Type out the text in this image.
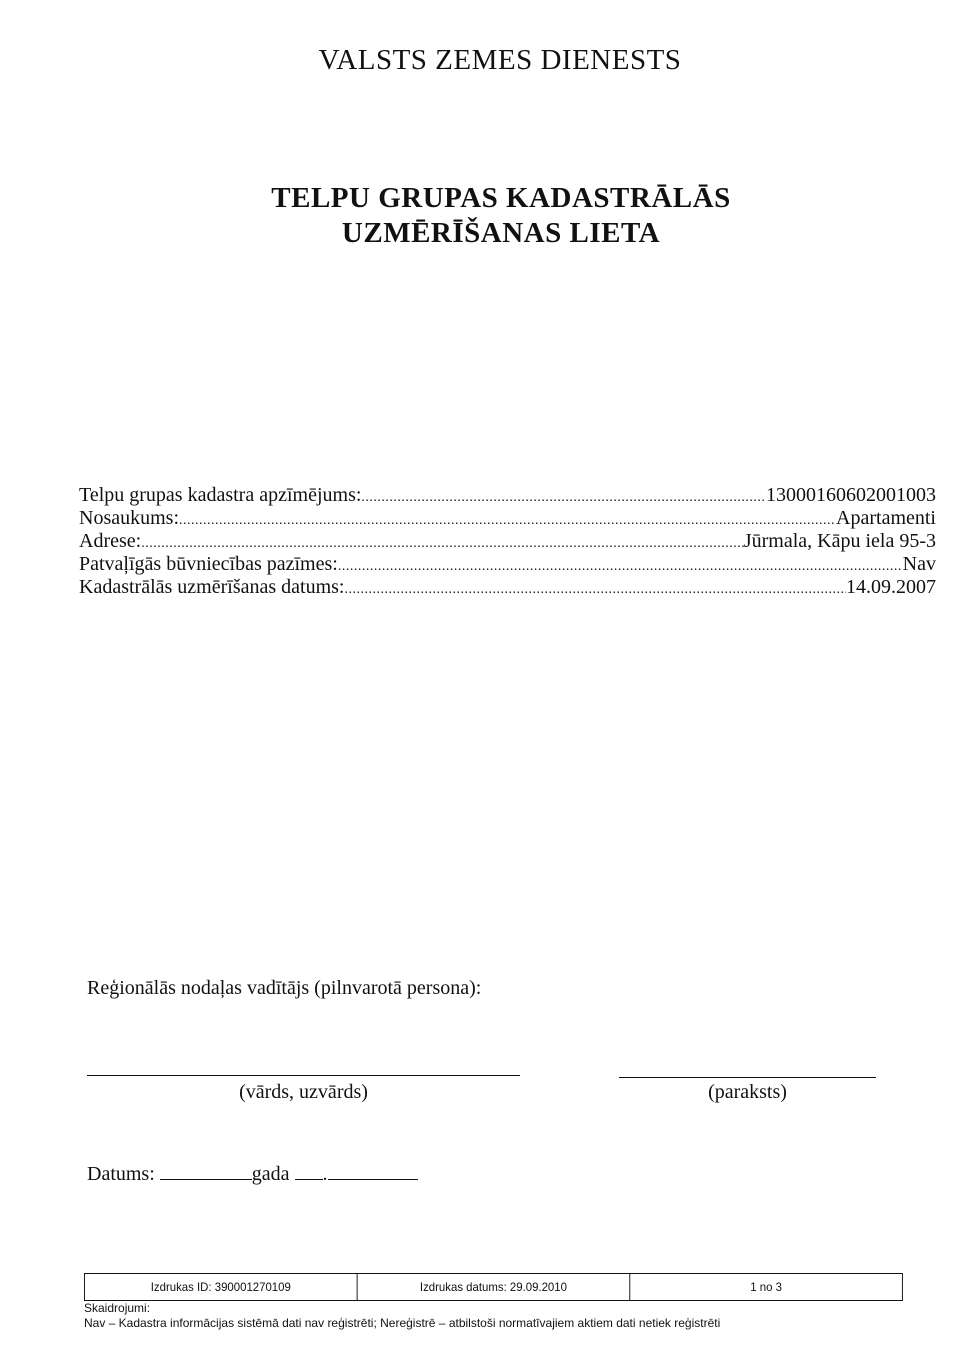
VALSTS ZEMES DIENESTS
TELPU GRUPAS KADASTRĀLĀS
UZMĒRĪŠANAS LIETA
Telpu grupas kadastra apzīmējums: .....	13000160602001003
Nosaukums: .....	Apartamenti
Adrese: .....	Jūrmala, Kāpu iela 95-3
Patvaļīgās būvniecības pazīmes: .....	Nav
Kadastrālās uzmērīšanas datums: .....	14.09.2007
Reģionālās nodaļas vadītājs (pilnvarotā persona):
(vārds, uzvārds)	(paraksts)
Datums:	gada .
Izdrukas ID: 390001270109	Izdrukas datums: 29.09.2010	1 no 3
Skaidrojumi:
Nav – Kadastra informācijas sistēmā dati nav reģistrēti; Nereģistrē – atbilstoši normatīvajiem aktiem dati netiek reģistrēti
